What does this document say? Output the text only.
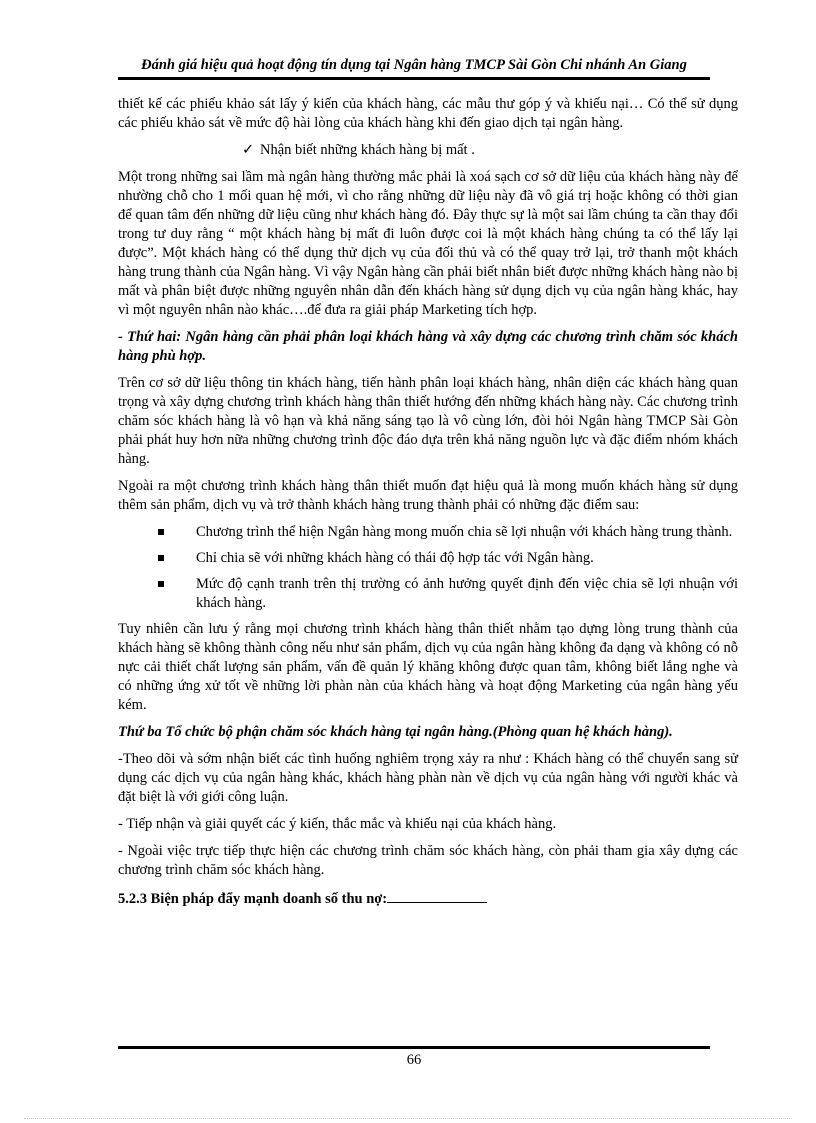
Đánh giá hiệu quả hoạt động tín dụng tại Ngân hàng TMCP Sài Gòn Chi nhánh An Giang

thiết kế các phiếu khảo sát lấy ý kiến của khách hàng, các mẫu thư góp ý và khiếu nại… Có thể sử dụng các phiếu khảo sát về mức độ hài lòng của khách hàng khi đến giao dịch tại ngân hàng.

✓ Nhận biết những khách hàng bị mất .

Một trong những sai lầm mà ngân hàng thường mắc phải là xoá sạch cơ sở dữ liệu của khách hàng này để nhường chỗ cho 1 mối quan hệ mới, vì cho rằng những dữ liệu này đã vô giá trị hoặc không có thời gian để quan tâm đến những dữ liệu cũng như khách hàng đó. Đây thực sự là một sai lầm chúng ta cần thay đổi trong tư duy rằng “ một khách hàng bị mất đi luôn được coi là một khách hàng chúng ta có thể lấy lại được”. Một khách hàng có thể dụng thử dịch vụ của đối thủ và có thể quay trở lại, trở thanh một khách hàng trung thành của Ngân hàng. Vì vậy Ngân hàng cần phải biết nhân biết được những khách hàng nào bị mất và phân biệt được những nguyên nhân dẫn đến khách hàng sử dụng dịch vụ của ngân hàng khác, hay vì một nguyên nhân nào khác….để đưa ra giải pháp Marketing tích hợp.

- Thứ hai: Ngân hàng cần phải phân loại khách hàng và xây dựng các chương trình chăm sóc khách hàng phù hợp.

Trên cơ sở dữ liệu thông tin khách hàng, tiến hành phân loại khách hàng, nhân diện các khách hàng quan trọng và xây dựng chương trình khách hàng thân thiết hướng đến những khách hàng này. Các chương trình chăm sóc khách hàng là vô hạn và khả năng sáng tạo là vô cùng lớn, đòi hỏi Ngân hàng TMCP Sài Gòn phải phát huy hơn nữa những chương trình độc đáo dựa trên khả năng nguồn lực và đặc điểm nhóm khách hàng.

Ngoài ra một chương trình khách hàng thân thiết muốn đạt hiệu quả là mong muốn khách hàng sử dụng thêm sản phẩm, dịch vụ và trở thành khách hàng trung thành phải có những đặc điểm sau:

Chương trình thể hiện Ngân hàng mong muốn chia sẽ lợi nhuận với khách hàng trung thành.
Chỉ chia sẽ với những khách hàng có thái độ hợp tác với Ngân hàng.
Mức độ cạnh tranh trên thị trường có ảnh hưởng quyết định đến việc chia sẽ lợi nhuận với khách hàng.

Tuy nhiên cần lưu ý rằng mọi chương trình khách hàng thân thiết nhằm tạo dựng lòng trung thành của khách hàng sẽ không thành công nếu như sản phẩm, dịch vụ của ngân hàng không đa dạng và không có nỗ nực cải thiết chất lượng sản phẩm, vấn đề quản lý khăng không được quan tâm, không biết lắng nghe và có những ứng xử tốt về những lời phàn nàn của khách hàng và hoạt động Marketing của ngân hàng yếu kém.

Thứ ba Tổ chức bộ phận chăm sóc khách hàng tại ngân hàng.(Phòng quan hệ khách hàng).

-Theo dõi và sớm nhận biết các tình huống nghiêm trọng xảy ra như : Khách hàng có thể chuyển sang sử dụng các dịch vụ của ngân hàng khác, khách hàng phàn nàn về dịch vụ của ngân hàng với người khác và đặt biệt là với giới công luận.

- Tiếp nhận và giải quyết các ý kiến, thắc mắc và khiếu nại của khách hàng.

- Ngoài việc trực tiếp thực hiện các chương trình chăm sóc khách hàng, còn phải tham gia xây dựng các chương trình chăm sóc khách hàng.

5.2.3 Biện pháp đẩy mạnh doanh số thu nợ:

66
